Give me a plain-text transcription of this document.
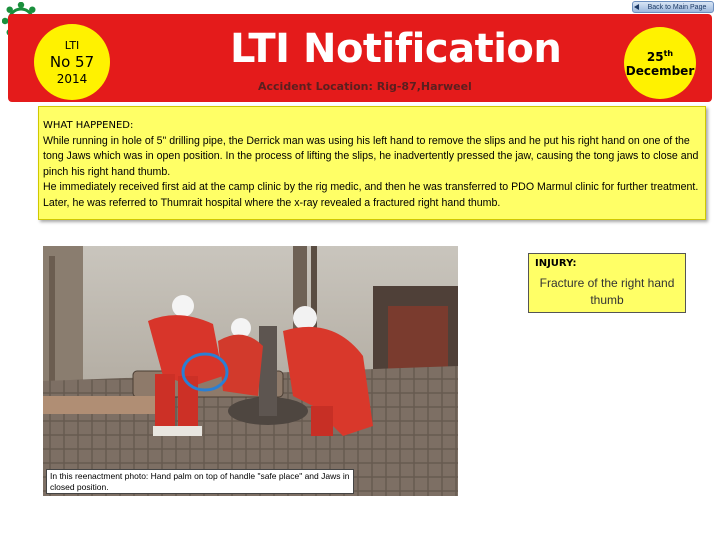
Back to Main Page
LTI
No 57
2014
LTI Notification
Accident Location: Rig-87,Harweel
25th
December
WHAT HAPPENED:
While running in hole of 5" drilling pipe, the Derrick man was using his left hand to remove the slips and he put his right hand on one of the tong Jaws which was in open position. In the process of lifting the slips, he inadvertently pressed the jaw, causing the tong jaws to close and pinch his right hand thumb.
He immediately received first aid at the camp clinic by the rig medic, and then he was transferred to PDO Marmul clinic for further treatment. Later, he was referred to Thumrait hospital where the x-ray revealed a fractured right hand thumb.
In this reenactment photo: Hand palm on top of handle "safe place" and Jaws in closed position.
INJURY:
Fracture of the right hand thumb
